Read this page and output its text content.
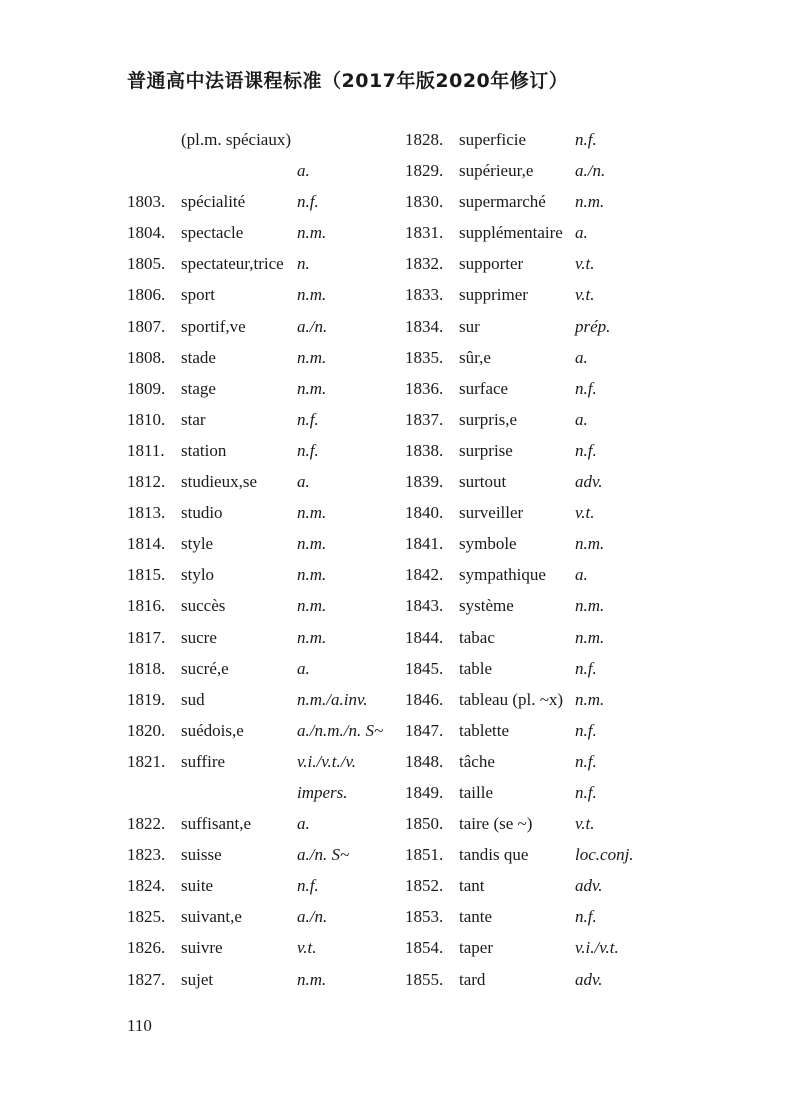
普通高中法语课程标准（2017年版2020年修订）
(pl.m. spéciaux)
a.
1803. spécialité	n.f.
1804. spectacle	n.m.
1805. spectateur,trice n.
1806. sport	n.m.
1807. sportif,ve	a./n.
1808. stade	n.m.
1809. stage	n.m.
1810. star	n.f.
1811. station	n.f.
1812. studieux,se a.
1813. studio	n.m.
1814. style	n.m.
1815. stylo	n.m.
1816. succès	n.m.
1817. sucre	n.m.
1818. sucré,e	a.
1819. sud	n.m./a.inv.
1820. suédois,e	a./n.m./n. S~
1821. suffire	v.i./v.t./v.
impers.
1822. suffisant,e	a.
1823. suisse	a./n. S~
1824. suite	n.f.
1825. suivant,e	a./n.
1826. suivre	v.t.
1827. sujet	n.m.
1828. superficie	n.f.
1829. supérieur,e a./n.
1830. supermarché n.m.
1831. supplémentaire a.
1832. supporter	v.t.
1833. supprimer	v.t.
1834. sur	prép.
1835. sûr,e	a.
1836. surface	n.f.
1837. surpris,e	a.
1838. surprise	n.f.
1839. surtout	adv.
1840. surveiller	v.t.
1841. symbole	n.m.
1842. sympathique a.
1843. système	n.m.
1844. tabac	n.m.
1845. table	n.f.
1846. tableau (pl. ~x) n.m.
1847. tablette	n.f.
1848. tâche	n.f.
1849. taille	n.f.
1850. taire (se ~)	v.t.
1851. tandis que	loc.conj.
1852. tant	adv.
1853. tante	n.f.
1854. taper	v.i./v.t.
1855. tard	adv.
110
